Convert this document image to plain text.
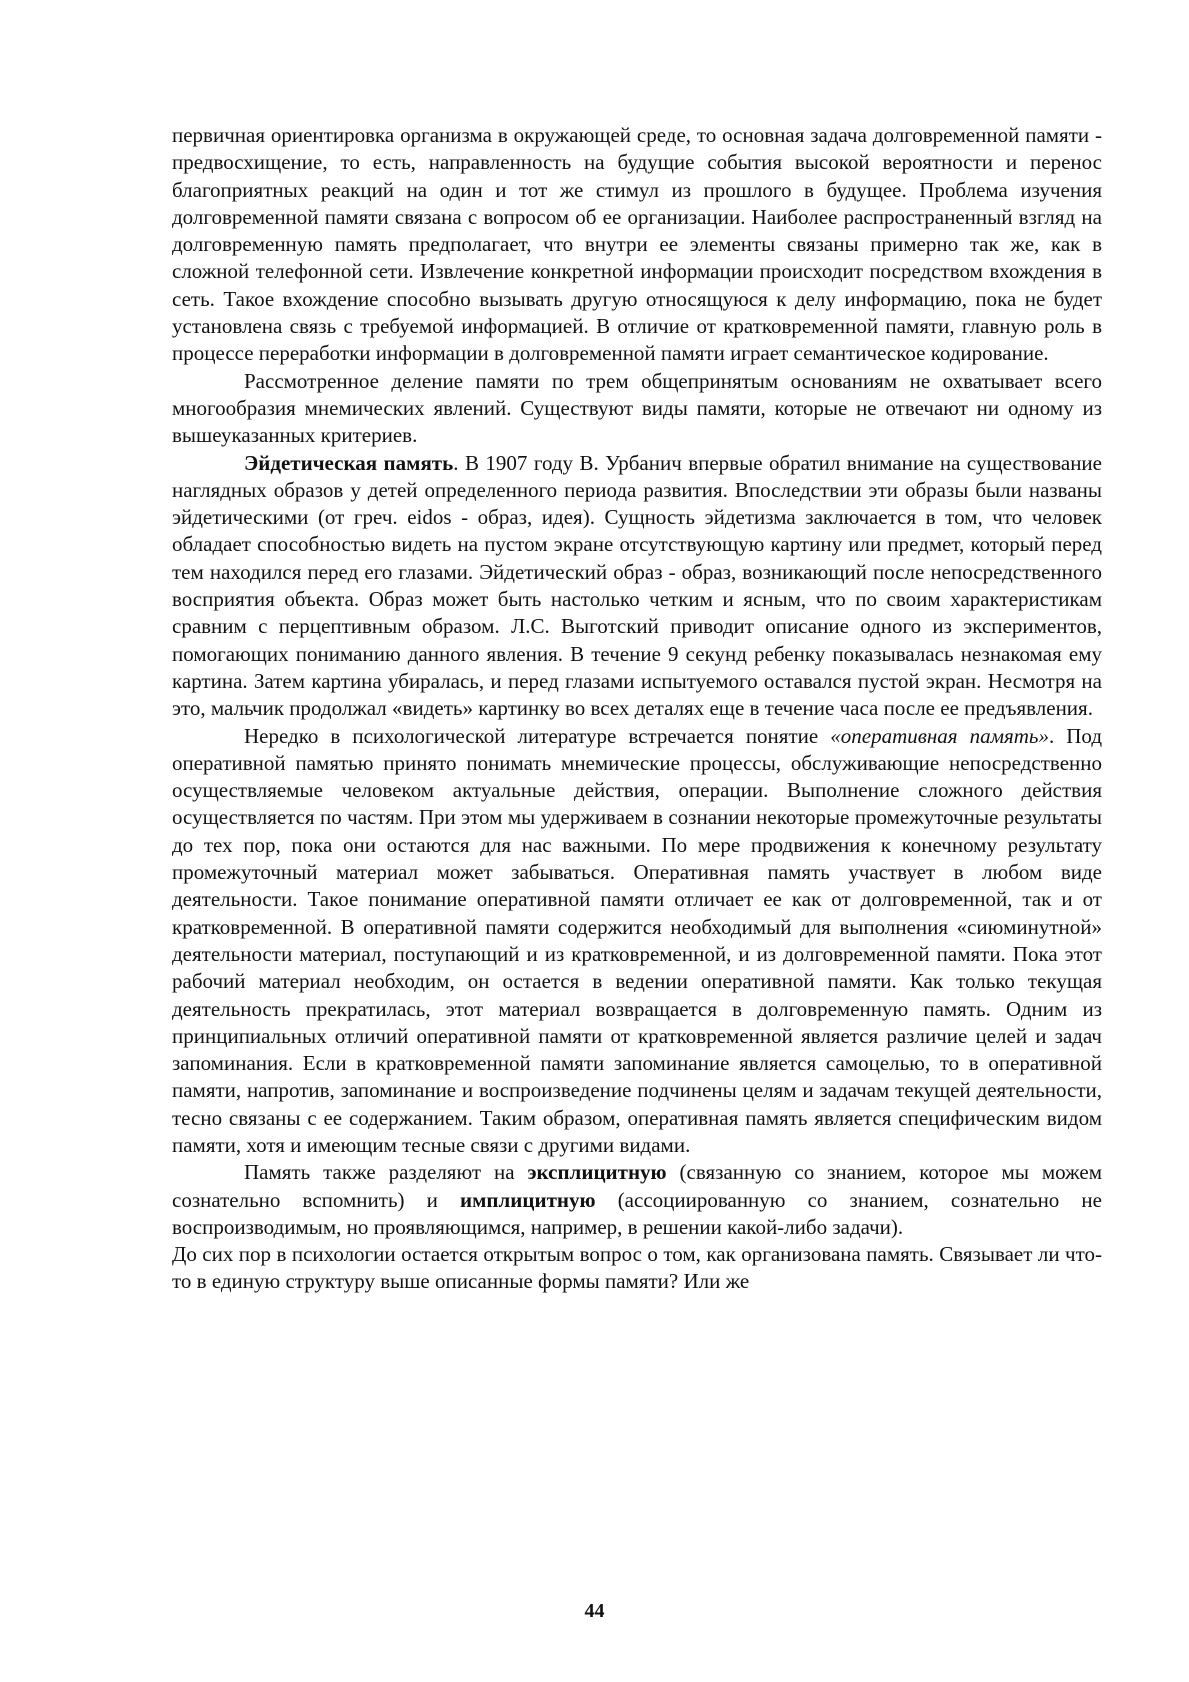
первичная ориентировка организма в окружающей среде, то основная задача долговременной памяти - предвосхищение, то есть, направленность на будущие события высокой вероятности и перенос благоприятных реакций на один и тот же стимул из прошлого в будущее. Проблема изучения долговременной памяти связана с вопросом об ее организации. Наиболее распространенный взгляд на долговременную память предполагает, что внутри ее элементы связаны примерно так же, как в сложной телефонной сети. Извлечение конкретной информации происходит посредством вхождения в сеть. Такое вхождение способно вызывать другую относящуюся к делу информацию, пока не будет установлена связь с требуемой информацией. В отличие от кратковременной памяти, главную роль в процессе переработки информации в долговременной памяти играет семантическое кодирование.

Рассмотренное деление памяти по трем общепринятым основаниям не охватывает всего многообразия мнемических явлений. Существуют виды памяти, которые не отвечают ни одному из вышеуказанных критериев.

Эйдетическая память. В 1907 году В. Урбанич впервые обратил внимание на существование наглядных образов у детей определенного периода развития. Впоследствии эти образы были названы эйдетическими (от греч. eidos - образ, идея). Сущность эйдетизма заключается в том, что человек обладает способностью видеть на пустом экране отсутствующую картину или предмет, который перед тем находился перед его глазами. Эйдетический образ - образ, возникающий после непосредственного восприятия объекта. Образ может быть настолько четким и ясным, что по своим характеристикам сравним с перцептивным образом. Л.С. Выготский приводит описание одного из экспериментов, помогающих пониманию данного явления. В течение 9 секунд ребенку показывалась незнакомая ему картина. Затем картина убиралась, и перед глазами испытуемого оставался пустой экран. Несмотря на это, мальчик продолжал «видеть» картинку во всех деталях еще в течение часа после ее предъявления.

Нередко в психологической литературе встречается понятие «оперативная память». Под оперативной памятью принято понимать мнемические процессы, обслуживающие непосредственно осуществляемые человеком актуальные действия, операции. Выполнение сложного действия осуществляется по частям. При этом мы удерживаем в сознании некоторые промежуточные результаты до тех пор, пока они остаются для нас важными. По мере продвижения к конечному результату промежуточный материал может забываться. Оперативная память участвует в любом виде деятельности. Такое понимание оперативной памяти отличает ее как от долговременной, так и от кратковременной. В оперативной памяти содержится необходимый для выполнения «сиюминутной» деятельности материал, поступающий и из кратковременной, и из долговременной памяти. Пока этот рабочий материал необходим, он остается в ведении оперативной памяти. Как только текущая деятельность прекратилась, этот материал возвращается в долговременную память. Одним из принципиальных отличий оперативной памяти от кратковременной является различие целей и задач запоминания. Если в кратковременной памяти запоминание является самоцелью, то в оперативной памяти, напротив, запоминание и воспроизведение подчинены целям и задачам текущей деятельности, тесно связаны с ее содержанием. Таким образом, оперативная память является специфическим видом памяти, хотя и имеющим тесные связи с другими видами.

Память также разделяют на эксплицитную (связанную со знанием, которое мы можем сознательно вспомнить) и имплицитную (ассоциированную со знанием, сознательно не воспроизводимым, но проявляющимся, например, в решении какой-либо задачи).

До сих пор в психологии остается открытым вопрос о том, как организована память. Связывает ли что-то в единую структуру выше описанные формы памяти? Или же

44
